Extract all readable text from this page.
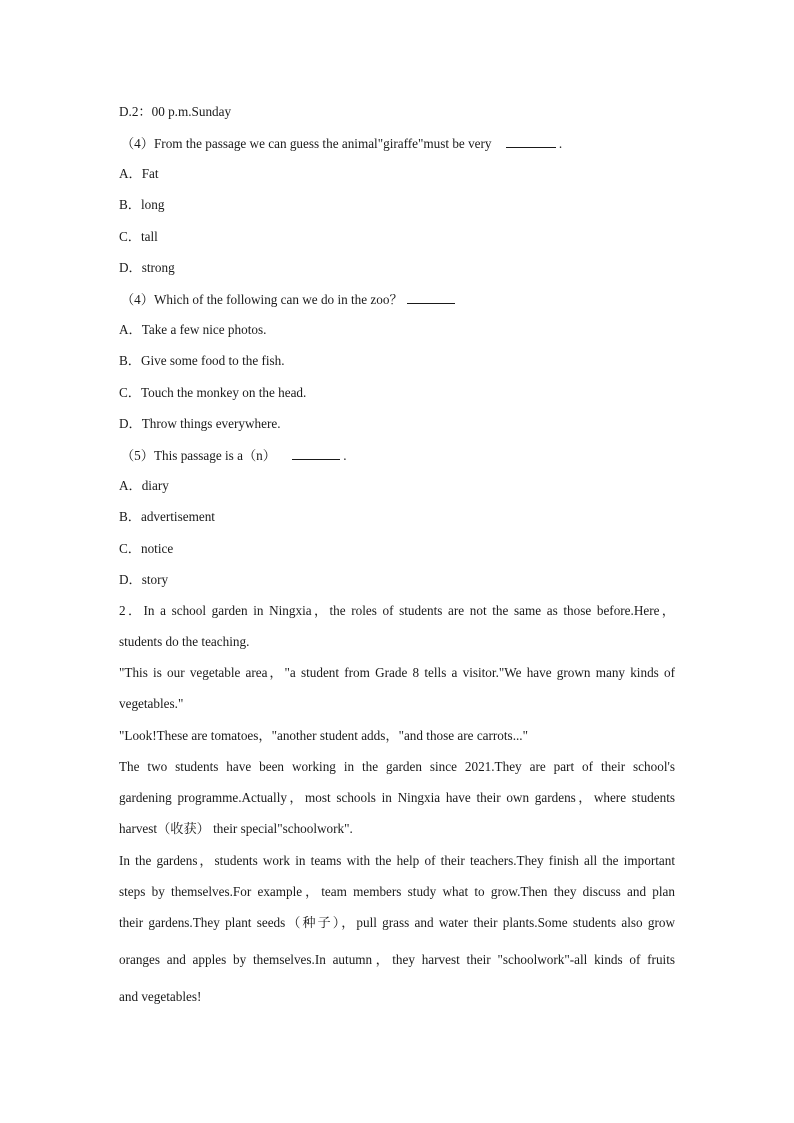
D.2：00 p.m.Sunday
（4）From the passage we can guess the animal"giraffe"must be very	.
A．Fat
B．long
C．tall
D．strong
（4）Which of the following can we do in the zoo？
A．Take a few nice photos.
B．Give some food to the fish.
C．Touch the monkey on the head.
D．Throw things everywhere.
（5）This passage is a（n）	.
A．diary
B．advertisement
C．notice
D．story
2．In a school garden in Ningxia，the roles of students are not the same as those before.Here，
students do the teaching.
"This is our vegetable area，"a student from Grade 8 tells a visitor."We have grown many kinds of
vegetables."
"Look!These are tomatoes，"another student adds，"and those are carrots..."
The two students have been working in the garden since 2021.They are part of their school's
gardening programme.Actually，most schools in Ningxia have their own gardens，where students
harvest（收获） their special"schoolwork".
In the gardens，students work in teams with the help of their teachers.They finish all the important
steps by themselves.For example，team members study what to grow.Then they discuss and plan
their gardens.They plant seeds（种子），pull grass and water their plants.Some students also grow
oranges and apples by themselves.In autumn，they harvest their "schoolwork"-all kinds of fruits
and vegetables!
